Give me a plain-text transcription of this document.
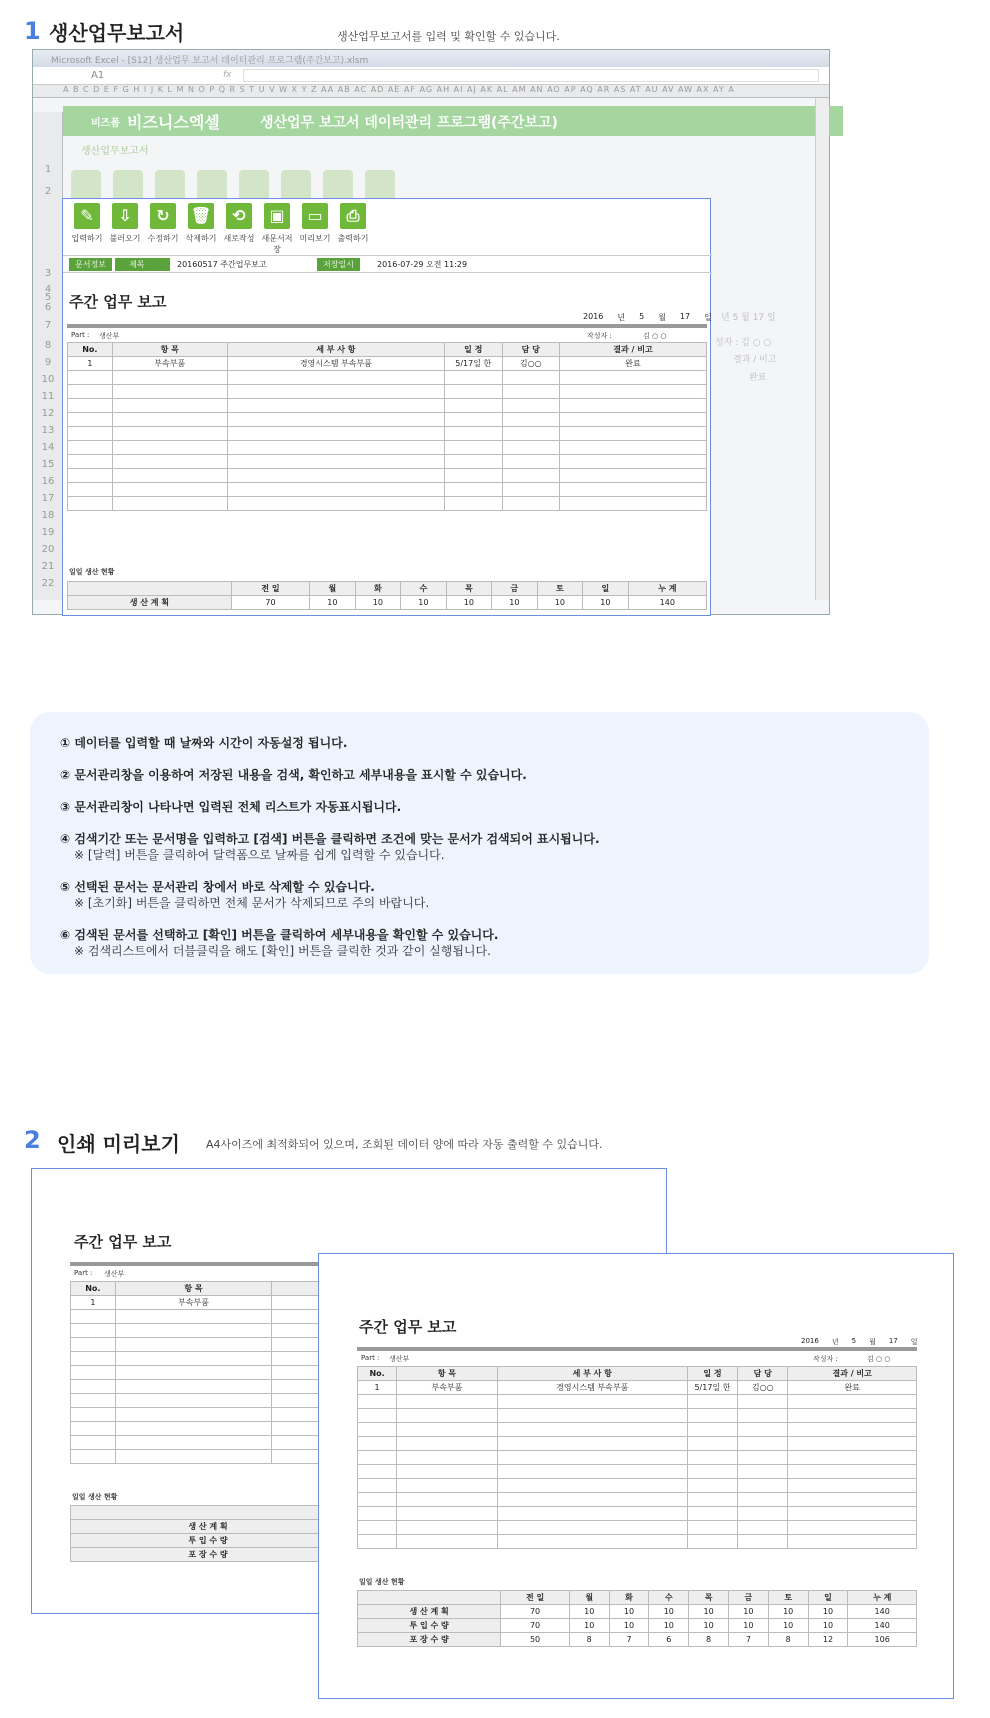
1 생산업무보고서	생산업무보고서를 입력 및 확인할 수 있습니다.
Microsoft Excel - [S12] 생산업무 보고서 데이터관리 프로그램(주간보고).xlsm
A1	fx
A B C D E F G H I J K L M N O P Q R S T U V W X Y Z AA AB AC AD AE AF AG AH AI AJ AK AL AM AN AO AP AQ AR AS AT AU AV AW AX AY A
1
2
3
4
5
6
7
8
9
10
11
12
13
14
15
16
17
18
19
20
21
22
비즈폼 비즈니스엑셀	생산업무 보고서 데이터관리 프로그램(주간보고)
생산업무보고서
년 5 월 17 일
성자 : 김 ○ ○
결과 / 비고
완료
✎
입력하기
⇩
불러오기
↻
수정하기
🗑
삭제하기
⟲
새로작성
▣
새문서저장
▭
미리보기
⎙
출력하기
문서정보	제목	20160517 주간업무보고	저장일시	2016-07-29 오전 11:29
주간 업무 보고
2016 년 5 월 17 일
Part : 생산부	작성자 :	김 ○ ○
No.	항 목	세 부 사 항	일 정	담 당	결과 / 비고
1	부속부품	경영시스템 부속부품	5/17일 한	김○○	완료

일일 생산 현황
	전 일	월	화	수	목	금	토	일	누 계
생 산 계 획	70	10	10	10	10	10	10	10	140
① 데이터를 입력할 때 날짜와 시간이 자동설정 됩니다.
② 문서관리창을 이용하여 저장된 내용을 검색, 확인하고 세부내용을 표시할 수 있습니다.
③ 문서관리창이 나타나면 입력된 전체 리스트가 자동표시됩니다.
④ 검색기간 또는 문서명을 입력하고 [검색] 버튼을 클릭하면 조건에 맞는 문서가 검색되어 표시됩니다.
※ [달력] 버튼을 클릭하여 달력폼으로 날짜를 쉽게 입력할 수 있습니다.
⑤ 선택된 문서는 문서관리 창에서 바로 삭제할 수 있습니다.
※ [초기화] 버튼을 클릭하면 전체 문서가 삭제되므로 주의 바랍니다.
⑥ 검색된 문서를 선택하고 [확인] 버튼을 클릭하여 세부내용을 확인할 수 있습니다.
※ 검색리스트에서 더블클릭을 해도 [확인] 버튼을 클릭한 것과 같이 실행됩니다.
2 인쇄 미리보기 A4사이즈에 최적화되어 있으며, 조회된 데이터 양에 따라 자동 출력할 수 있습니다.
주간 업무 보고
Part : 생산부
No.	항 목	
1	부속부품	

일일 생산 현황

생 산 계 획			
투 입 수 량			
포 장 수 량			
주간 업무 보고
2016 년 5 월 17 일
Part : 생산부	작성자 :	김 ○ ○
No.	항 목	세 부 사 항	일 정	담 당	결과 / 비고
1	부속부품	경영시스템 부속부품	5/17일 한	김○○	완료

일일 생산 현황
	전 일	월	화	수	목	금	토	일	누 계
생 산 계 획	70	10	10	10	10	10	10	10	140
투 입 수 량	70	10	10	10	10	10	10	10	140
포 장 수 량	50	8	7	6	8	7	8	12	106
